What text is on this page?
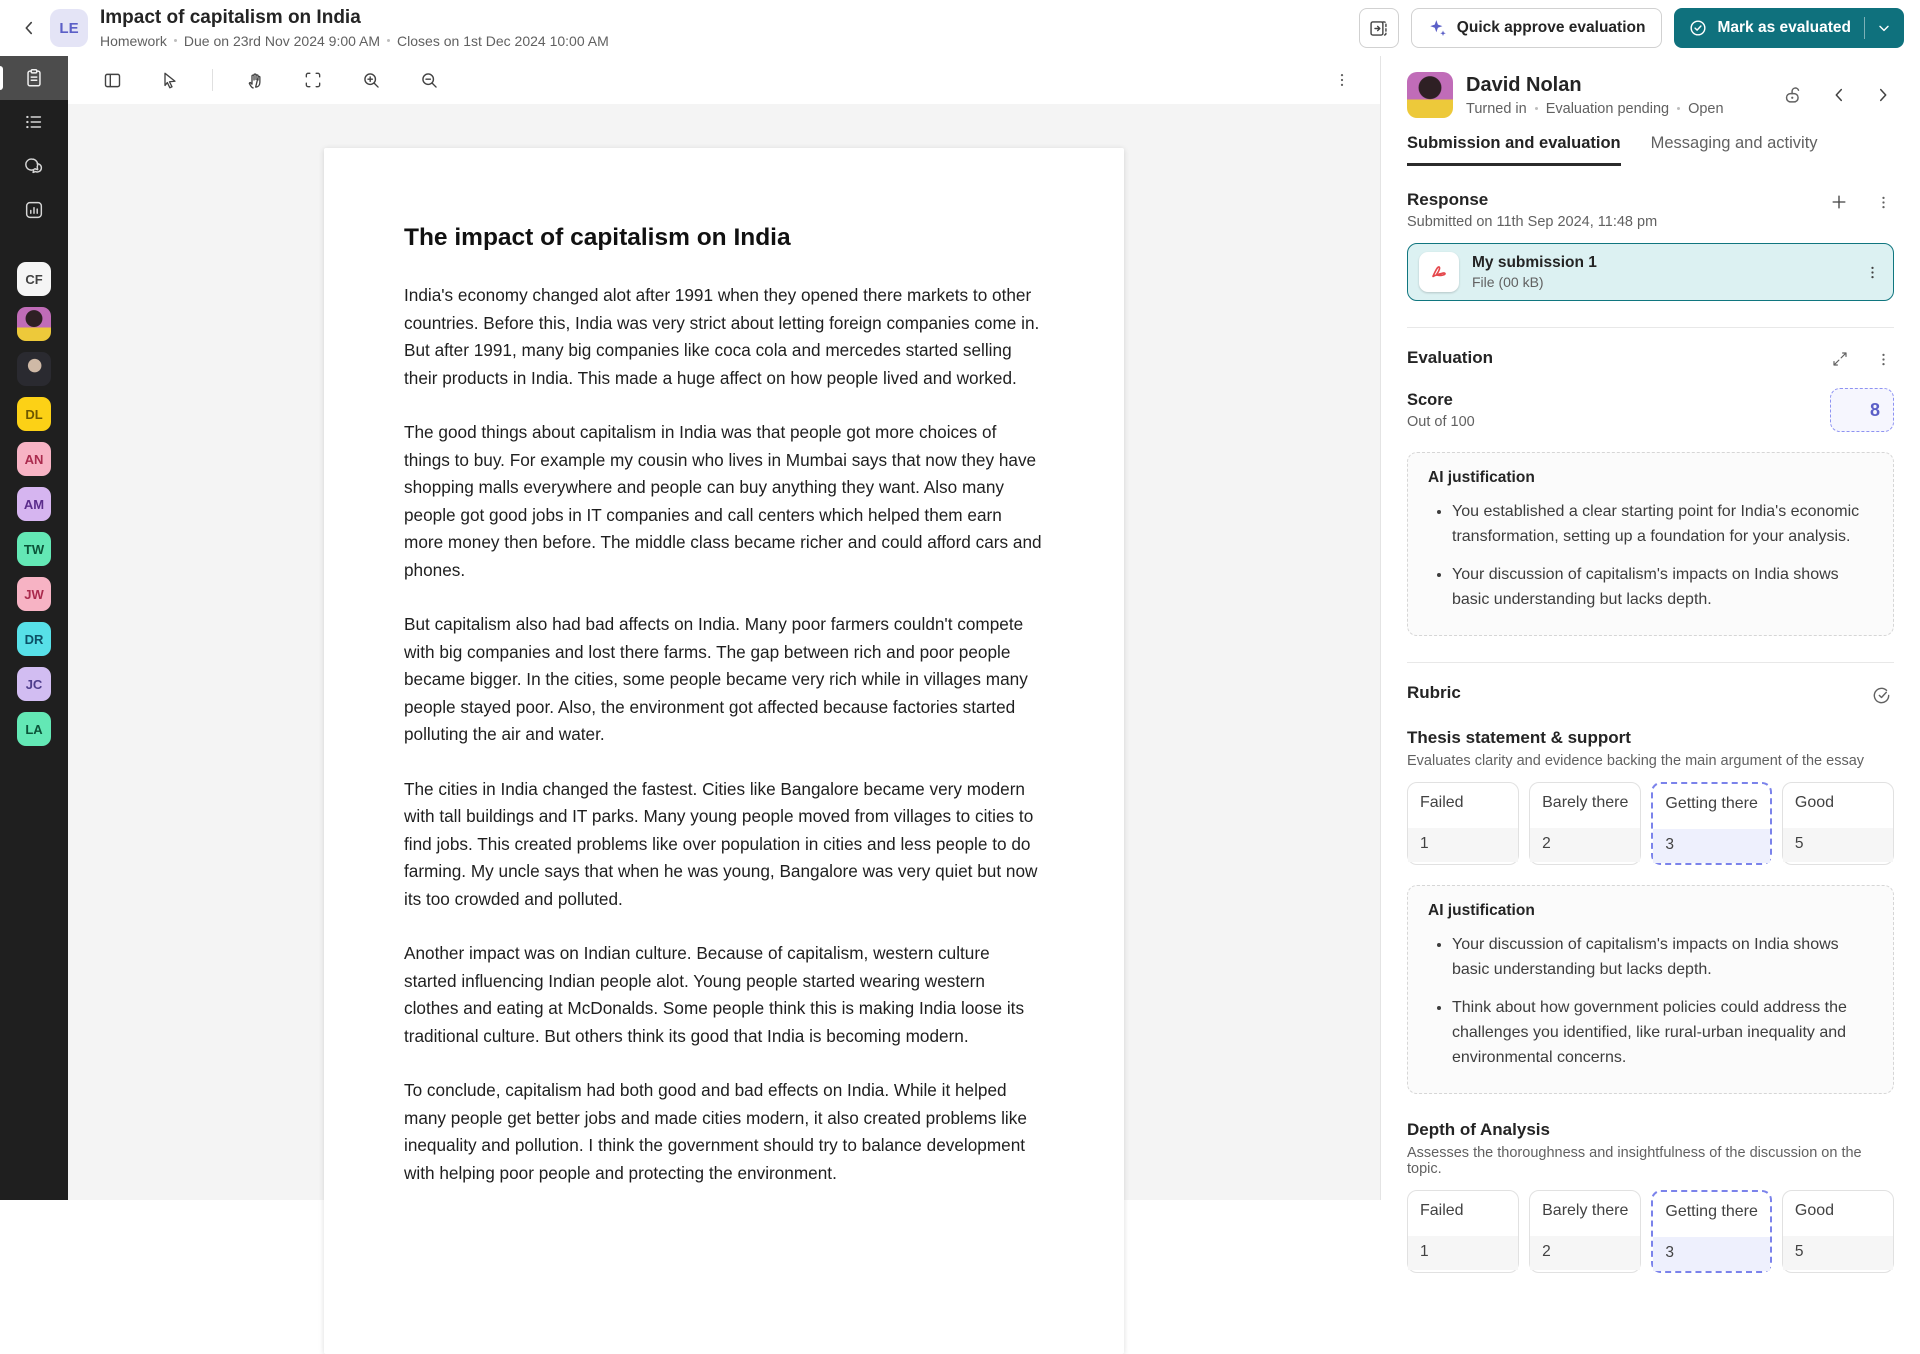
LE
Impact of capitalism on India
Homework Due on 23rd Nov 2024 9:00 AM Closes on 1st Dec 2024 10:00 AM
Quick approve evaluation	Mark as evaluated
CF
DL
AN
AM
TW
JW
DR
JC
LA
The impact of capitalism on India

India's economy changed alot after 1991 when they opened there markets to other countries. Before this, India was very strict about letting foreign companies come in. But after 1991, many big companies like coca cola and mercedes started selling their products in India. This made a huge affect on how people lived and worked.

The good things about capitalism in India was that people got more choices of things to buy. For example my cousin who lives in Mumbai says that now they have shopping malls everywhere and people can buy anything they want. Also many people got good jobs in IT companies and call centers which helped them earn more money then before. The middle class became richer and could afford cars and phones.

But capitalism also had bad affects on India. Many poor farmers couldn't compete with big companies and lost there farms. The gap between rich and poor people became bigger. In the cities, some people became very rich while in villages many people stayed poor. Also, the environment got affected because factories started polluting the air and water.

The cities in India changed the fastest. Cities like Bangalore became very modern with tall buildings and IT parks. Many young people moved from villages to cities to find jobs. This created problems like over population in cities and less people to do farming. My uncle says that when he was young, Bangalore was very quiet but now its too crowded and polluted.

Another impact was on Indian culture. Because of capitalism, western culture started influencing Indian people alot. Young people started wearing western clothes and eating at McDonalds. Some people think this is making India loose its traditional culture. But others think its good that India is becoming modern.

To conclude, capitalism had both good and bad effects on India. While it helped many people get better jobs and made cities modern, it also created problems like inequality and pollution. I think the government should try to balance development with helping poor people and protecting the environment.

David Nolan
Turned in Evaluation pending Open
Submission and evaluation Messaging and activity
Response
Submitted on 11th Sep 2024, 11:48 pm
My submission 1
File (00 kB)
Evaluation
Score
Out of 100
8
AI justification
• You established a clear starting point for India's economic transformation, setting up a foundation for your analysis.
• Your discussion of capitalism's impacts on India shows basic understanding but lacks depth.
Rubric
Thesis statement & support
Evaluates clarity and evidence backing the main argument of the essay
Failed
1
Barely there
2
Getting there
3
Good
5
AI justification
• Your discussion of capitalism's impacts on India shows basic understanding but lacks depth.
• Think about how government policies could address the challenges you identified, like rural-urban inequality and environmental concerns.
Depth of Analysis
Assesses the thoroughness and insightfulness of the discussion on the topic.
Failed
1
Barely there
2
Getting there
3
Good
5
